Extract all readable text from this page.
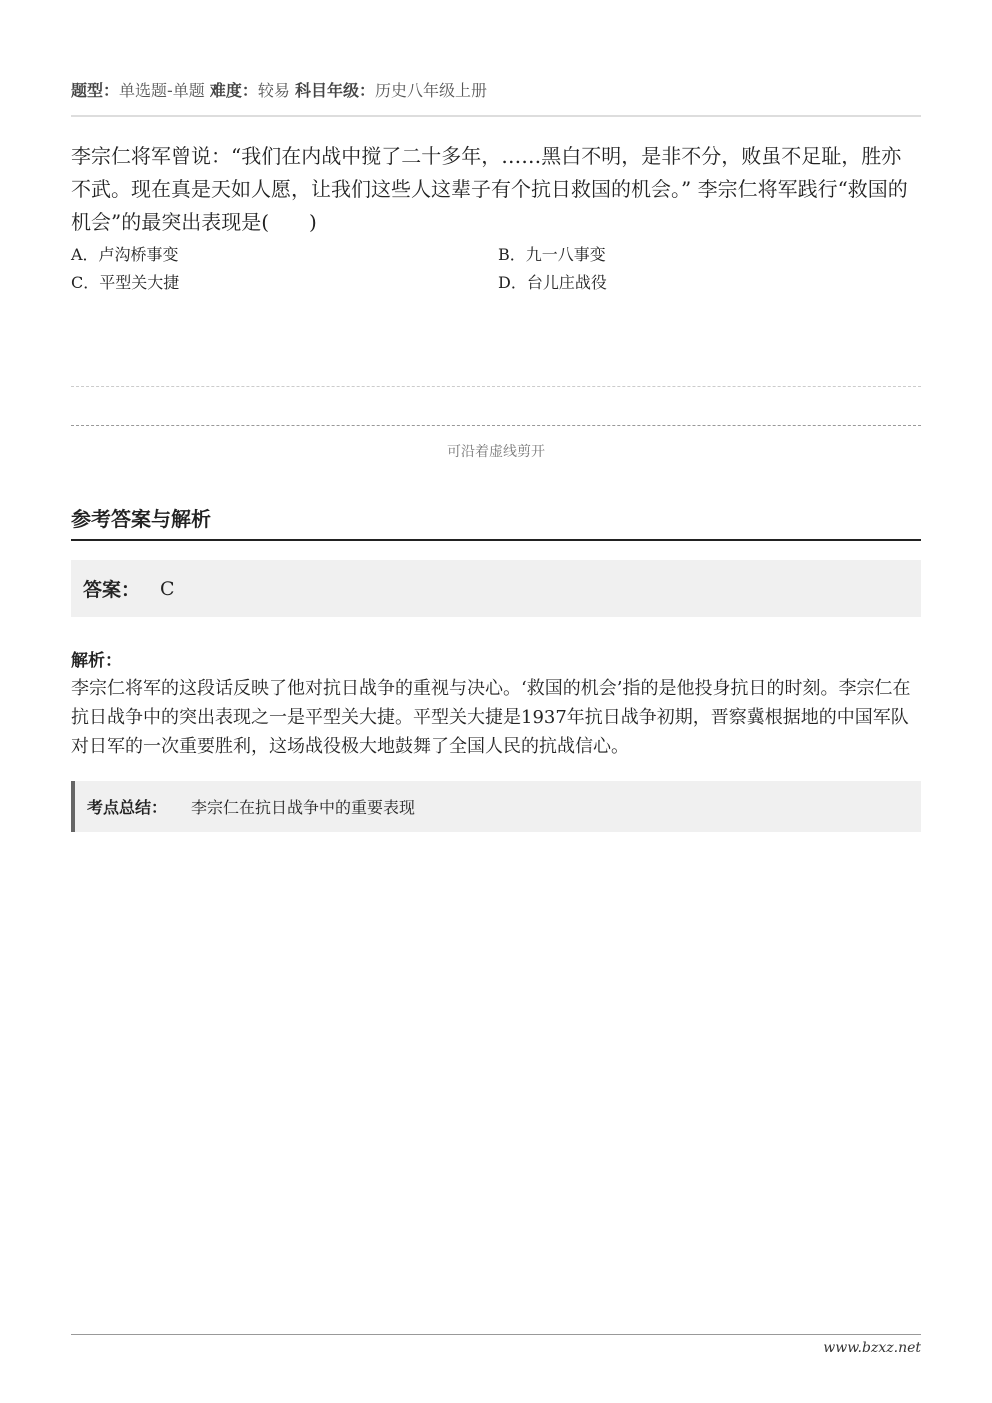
题型：单选题-单题 难度：较易 科目年级：历史八年级上册
李宗仁将军曾说：“我们在内战中搅了二十多年，……黑白不明，是非不分，败虽不足耻，胜亦不武。现在真是天如人愿，让我们这些人这辈子有个抗日救国的机会。” 李宗仁将军践行“救国的机会”的最突出表现是(　　)
A．卢沟桥事变	B．九一八事变
C．平型关大捷	D．台儿庄战役
可沿着虚线剪开
参考答案与解析
答案： C
解析：
李宗仁将军的这段话反映了他对抗日战争的重视与决心。‘救国的机会’指的是他投身抗日的时刻。李宗仁在抗日战争中的突出表现之一是平型关大捷。平型关大捷是1937年抗日战争初期，晋察冀根据地的中国军队对日军的一次重要胜利，这场战役极大地鼓舞了全国人民的抗战信心。
考点总结： 李宗仁在抗日战争中的重要表现
www.bzxz.net
